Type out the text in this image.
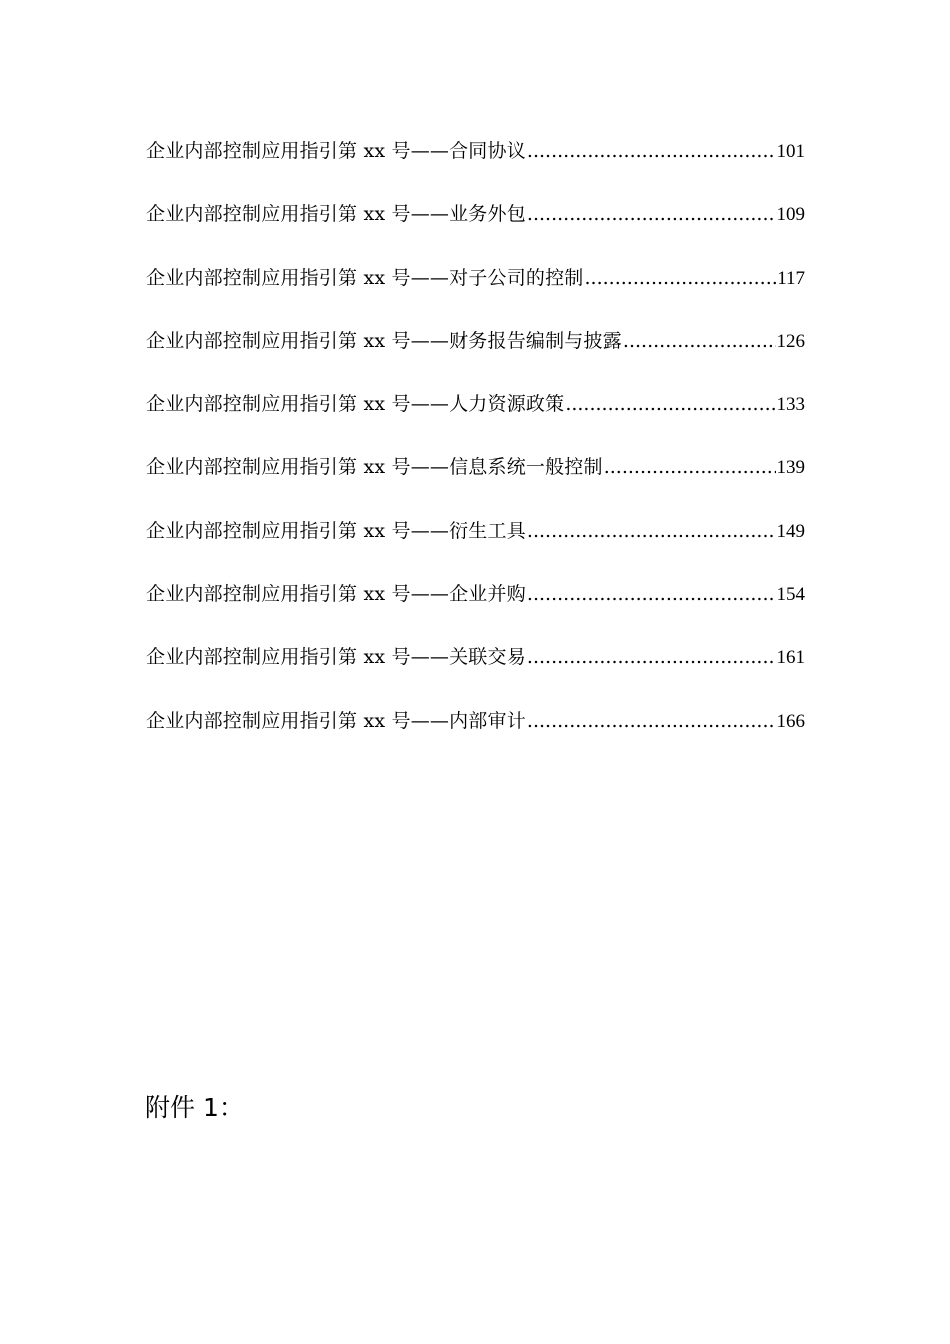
企业内部控制应用指引第 xx 号——合同协议 .....	101
企业内部控制应用指引第 xx 号——业务外包 .....	109
企业内部控制应用指引第 xx 号——对子公司的控制 .....	117
企业内部控制应用指引第 xx 号——财务报告编制与披露 .....	126
企业内部控制应用指引第 xx 号——人力资源政策 .....	133
企业内部控制应用指引第 xx 号——信息系统一般控制 .....	139
企业内部控制应用指引第 xx 号——衍生工具 .....	149
企业内部控制应用指引第 xx 号——企业并购 .....	154
企业内部控制应用指引第 xx 号——关联交易 .....	161
企业内部控制应用指引第 xx 号——内部审计 .....	166
附件 1：
